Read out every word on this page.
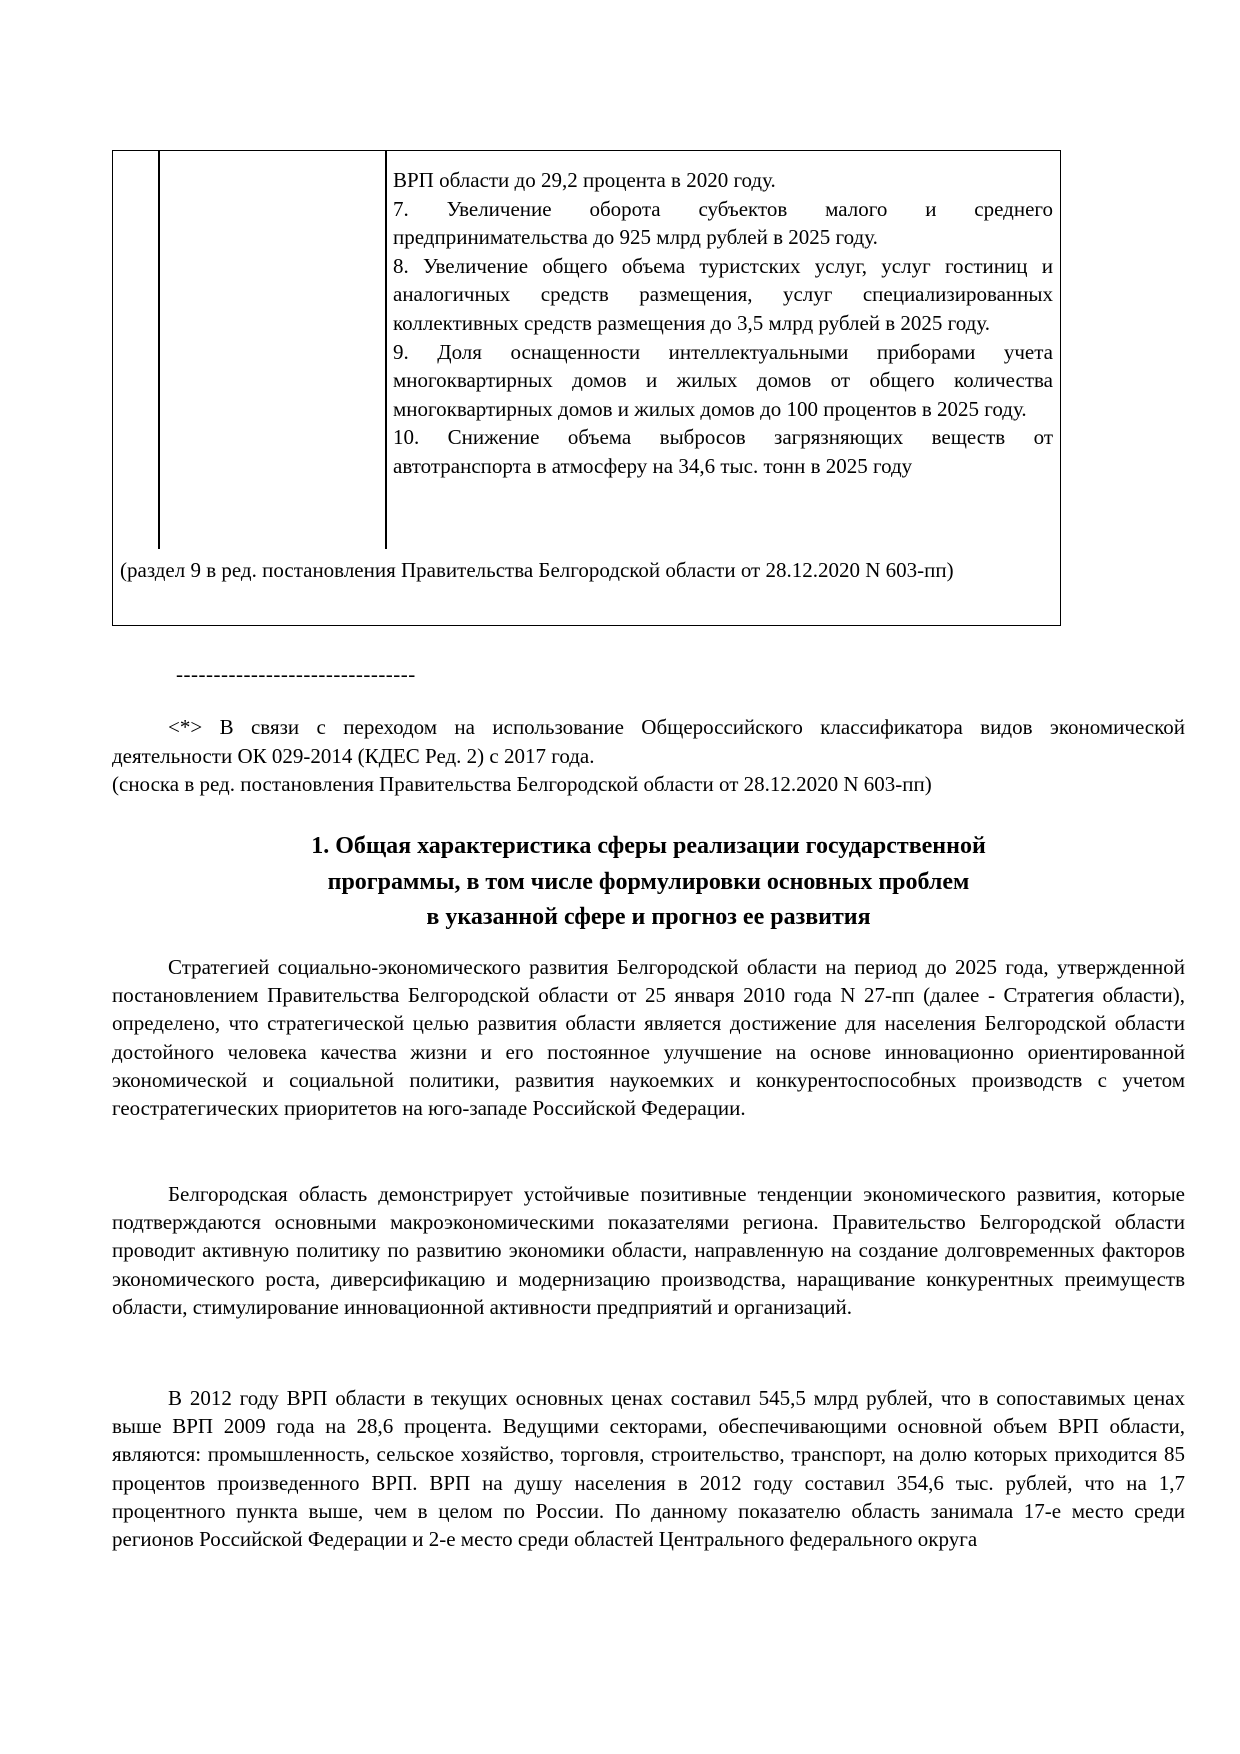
ВРП области до 29,2 процента в 2020 году.

7. Увеличение оборота субъектов малого и среднего предпринимательства до 925 млрд рублей в 2025 году.

8. Увеличение общего объема туристских услуг, услуг гостиниц и аналогичных средств размещения, услуг специализированных коллективных средств размещения до 3,5 млрд рублей в 2025 году.

9. Доля оснащенности интеллектуальными приборами учета многоквартирных домов и жилых домов от общего количества многоквартирных домов и жилых домов до 100 процентов в 2025 году.

10. Снижение объема выбросов загрязняющих веществ от автотранспорта в атмосферу на 34,6 тыс. тонн в 2025 году

(раздел 9 в ред. постановления Правительства Белгородской области от 28.12.2020 N 603-пп)
--------------------------------

<*> В связи с переходом на использование Общероссийского классификатора видов экономической деятельности ОК 029-2014 (КДЕС Ред. 2) с 2017 года.

(сноска в ред. постановления Правительства Белгородской области от 28.12.2020 N 603-пп)

1. Общая характеристика сферы реализации государственной
программы, в том числе формулировки основных проблем
в указанной сфере и прогноз ее развития

Стратегией социально-экономического развития Белгородской области на период до 2025 года, утвержденной постановлением Правительства Белгородской области от 25 января 2010 года N 27-пп (далее - Стратегия области), определено, что стратегической целью развития области является достижение для населения Белгородской области достойного человека качества жизни и его постоянное улучшение на основе инновационно ориентированной экономической и социальной политики, развития наукоемких и конкурентоспособных производств с учетом геостратегических приоритетов на юго-западе Российской Федерации.

Белгородская область демонстрирует устойчивые позитивные тенденции экономического развития, которые подтверждаются основными макроэкономическими показателями региона. Правительство Белгородской области проводит активную политику по развитию экономики области, направленную на создание долговременных факторов экономического роста, диверсификацию и модернизацию производства, наращивание конкурентных преимуществ области, стимулирование инновационной активности предприятий и организаций.

В 2012 году ВРП области в текущих основных ценах составил 545,5 млрд рублей, что в сопоставимых ценах выше ВРП 2009 года на 28,6 процента. Ведущими секторами, обеспечивающими основной объем ВРП области, являются: промышленность, сельское хозяйство, торговля, строительство, транспорт, на долю которых приходится 85 процентов произведенного ВРП. ВРП на душу населения в 2012 году составил 354,6 тыс. рублей, что на 1,7 процентного пункта выше, чем в целом по России. По данному показателю область занимала 17-е место среди регионов Российской Федерации и 2-е место среди областей Центрального федерального округа
